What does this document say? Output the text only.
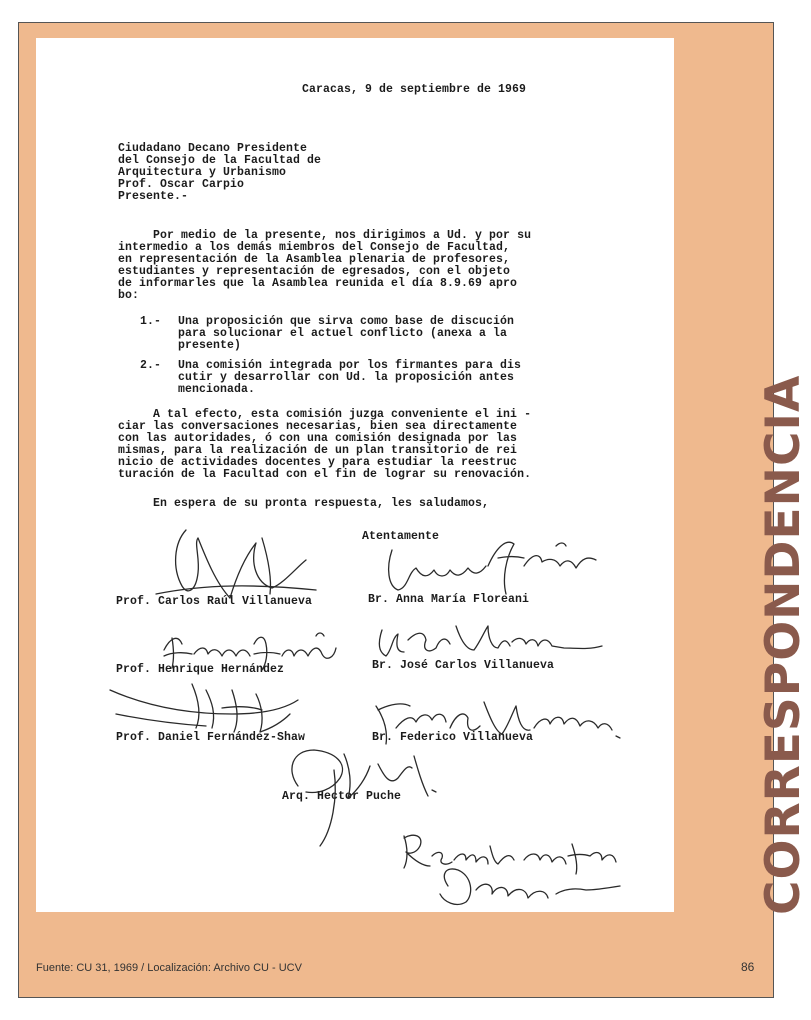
Caracas, 9 de septiembre de 1969
Ciudadano Decano Presidente
del Consejo de la Facultad de
Arquitectura y Urbanismo
Prof. Oscar Carpio
Presente.-
Por medio de la presente, nos dirigimos a Ud. y por su
intermedio a los demás miembros del Consejo de Facultad,
en representación de la Asamblea plenaria de profesores,
estudiantes y representación de egresados, con el objeto
de informarles que la Asamblea reunida el día 8.9.69 apro
bo:
1.- Una proposición que sirva como base de discución
para solucionar el actuel conflicto (anexa a la
presente)
2.- Una comisión integrada por los firmantes para dis
cutir y desarrollar con Ud. la proposición antes
mencionada.
A tal efecto, esta comisión juzga conveniente el ini -
ciar las conversaciones necesarias, bien sea directamente
con las autoridades, ó con una comisión designada por las
mismas, para la realización de un plan transitorio de rei
nicio de actividades docentes y para estudiar la reestruc
turación de la Facultad con el fin de lograr su renovación.
En espera de su pronta respuesta, les saludamos,
Atentamente
Prof. Carlos Raúl Villanueva	Br. Anna María Floreani
Prof. Henrique Hernández	Br. José Carlos Villanueva
Prof. Daniel Fernández-Shaw	Br. Federico Villanueva
Arq. Hector Puche	CORRESPONDENCIA
Fuente: CU 31, 1969 / Localización: Archivo CU - UCV	86
